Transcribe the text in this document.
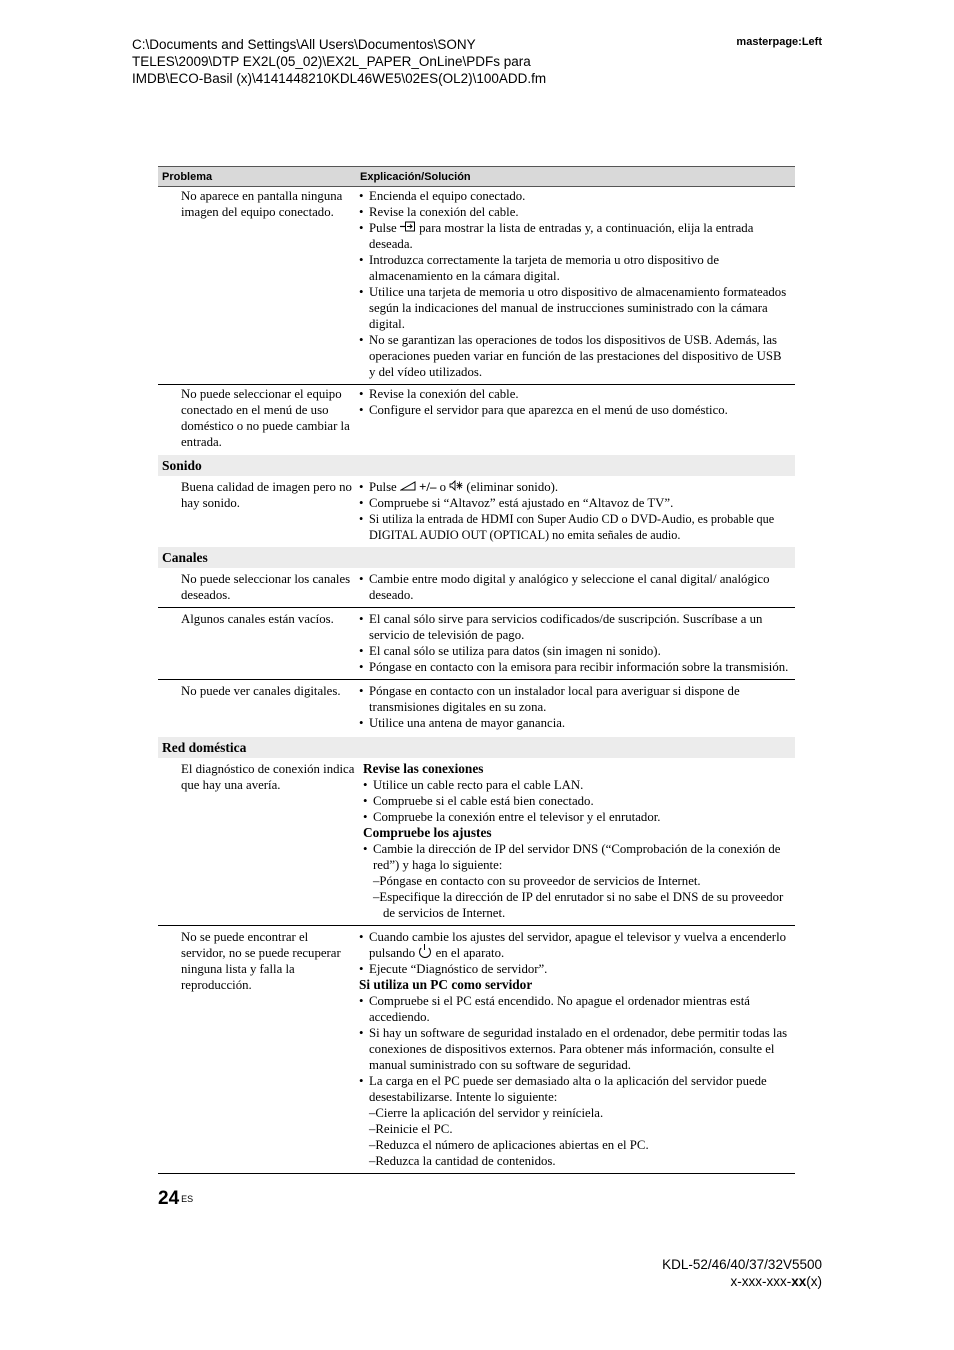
C:\Documents and Settings\All Users\Documentos\SONY
TELES\2009\DTP EX2L(05_02)\EX2L_PAPER_OnLine\PDFs para
IMDB\ECO-Basil (x)\4141448210KDL46WE5\02ES(OL2)\100ADD.fm
masterpage:Left
Problema	Explicación/Solución
No aparece en pantalla ninguna imagen del equipo conectado.
• Encienda el equipo conectado.
• Revise la conexión del cable.
• Pulse para mostrar la lista de entradas y, a continuación, elija la entrada deseada.
• Introduzca correctamente la tarjeta de memoria u otro dispositivo de almacenamiento en la cámara digital.
• Utilice una tarjeta de memoria u otro dispositivo de almacenamiento formateados según la indicaciones del manual de instrucciones suministrado con la cámara digital.
• No se garantizan las operaciones de todos los dispositivos de USB. Además, las operaciones pueden variar en función de las prestaciones del dispositivo de USB y del vídeo utilizados.
No puede seleccionar el equipo conectado en el menú de uso doméstico o no puede cambiar la entrada.
• Revise la conexión del cable.
• Configure el servidor para que aparezca en el menú de uso doméstico.
Sonido
Buena calidad de imagen pero no hay sonido.
• Pulse +/– o (eliminar sonido).
• Compruebe si “Altavoz” está ajustado en “Altavoz de TV”.
• Si utiliza la entrada de HDMI con Super Audio CD o DVD-Audio, es probable que DIGITAL AUDIO OUT (OPTICAL) no emita señales de audio.
Canales
No puede seleccionar los canales deseados.
• Cambie entre modo digital y analógico y seleccione el canal digital/ analógico deseado.
Algunos canales están vacíos.	• El canal sólo sirve para servicios codificados/de suscripción. Suscríbase a un servicio de televisión de pago.
• El canal sólo se utiliza para datos (sin imagen ni sonido).
• Póngase en contacto con la emisora para recibir información sobre la transmisión.
No puede ver canales digitales.	• Póngase en contacto con un instalador local para averiguar si dispone de transmisiones digitales en su zona.
• Utilice una antena de mayor ganancia.
Red doméstica
El diagnóstico de conexión indica que hay una avería.
Revise las conexiones
• Utilice un cable recto para el cable LAN.
• Compruebe si el cable está bien conectado.
• Compruebe la conexión entre el televisor y el enrutador.
Compruebe los ajustes
• Cambie la dirección de IP del servidor DNS (“Comprobación de la conexión de red”) y haga lo siguiente:
–Póngase en contacto con su proveedor de servicios de Internet.
–Especifique la dirección de IP del enrutador si no sabe el DNS de su proveedor de servicios de Internet.
No se puede encontrar el servidor, no se puede recuperar ninguna lista y falla la reproducción.
• Cuando cambie los ajustes del servidor, apague el televisor y vuelva a encenderlo pulsando en el aparato.
• Ejecute “Diagnóstico de servidor”.
Si utiliza un PC como servidor
• Compruebe si el PC está encendido. No apague el ordenador mientras está accediendo.
• Si hay un software de seguridad instalado en el ordenador, debe permitir todas las conexiones de dispositivos externos. Para obtener más información, consulte el manual suministrado con su software de seguridad.
• La carga en el PC puede ser demasiado alta o la aplicación del servidor puede desestabilizarse. Intente lo siguiente:
–Cierre la aplicación del servidor y reiníciela.
–Reinicie el PC.
–Reduzca el número de aplicaciones abiertas en el PC.
–Reduzca la cantidad de contenidos.
24 $^{ES}$
KDL-52/46/40/37/32V5500
x-xxx-xxx-xx(x)
